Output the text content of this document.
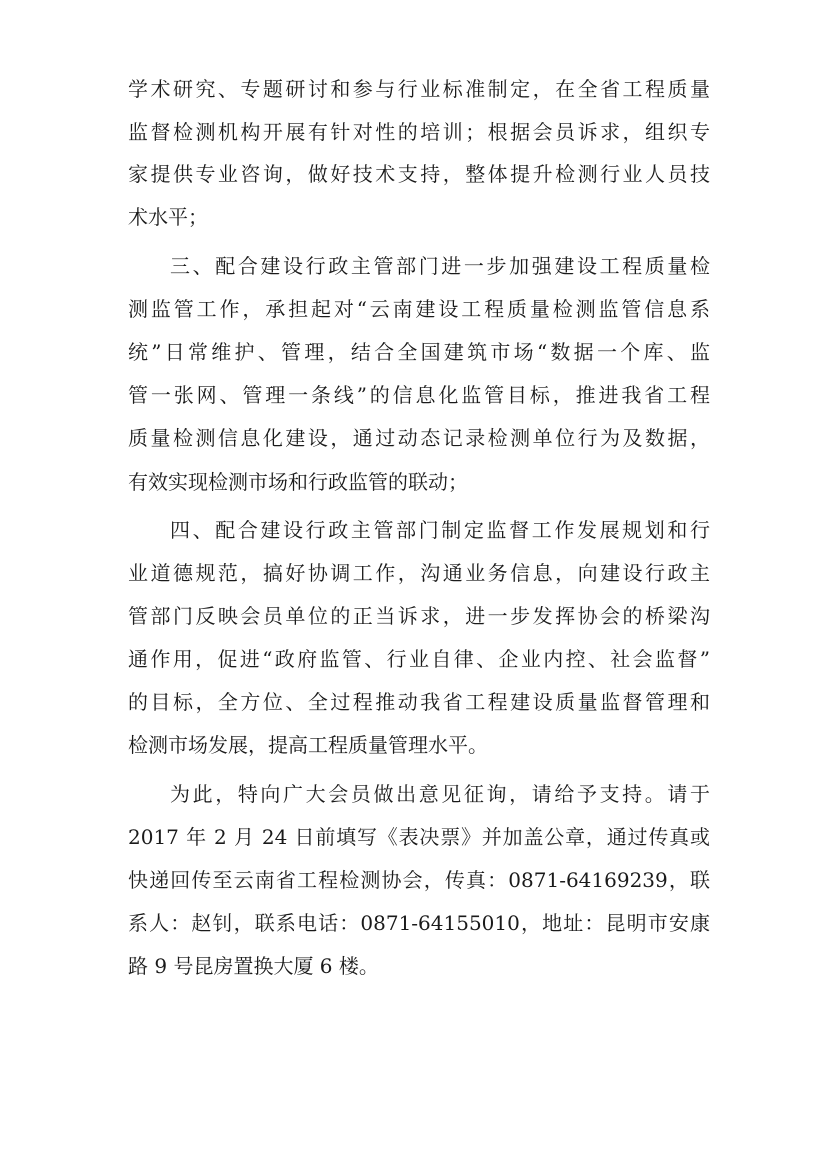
学术研究、专题研讨和参与行业标准制定，在全省工程质量
监督检测机构开展有针对性的培训；根据会员诉求，组织专
家提供专业咨询，做好技术支持，整体提升检测行业人员技
术水平；
三、配合建设行政主管部门进一步加强建设工程质量检
测监管工作，承担起对“云南建设工程质量检测监管信息系
统”日常维护、管理，结合全国建筑市场“数据一个库、监
管一张网、管理一条线”的信息化监管目标，推进我省工程
质量检测信息化建设，通过动态记录检测单位行为及数据，
有效实现检测市场和行政监管的联动；
四、配合建设行政主管部门制定监督工作发展规划和行
业道德规范，搞好协调工作，沟通业务信息，向建设行政主
管部门反映会员单位的正当诉求，进一步发挥协会的桥梁沟
通作用，促进“政府监管、行业自律、企业内控、社会监督”
的目标，全方位、全过程推动我省工程建设质量监督管理和
检测市场发展，提高工程质量管理水平。
为此，特向广大会员做出意见征询，请给予支持。请于
2017 年 2 月 24 日前填写《表决票》并加盖公章，通过传真或
快递回传至云南省工程检测协会，传真：0871-64169239，联
系人：赵钊，联系电话：0871-64155010，地址：昆明市安康
路 9 号昆房置换大厦 6 楼。
